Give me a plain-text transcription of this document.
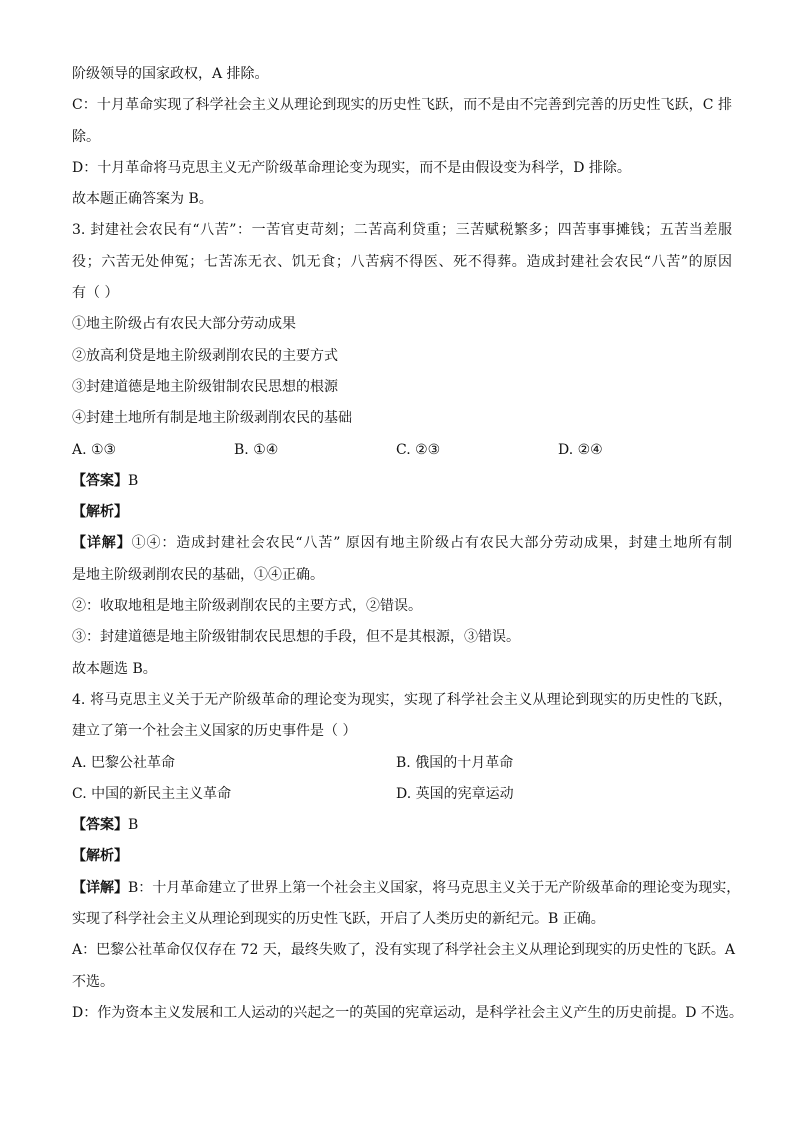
阶级领导的国家政权，A 排除。
C：十月革命实现了科学社会主义从理论到现实的历史性飞跃，而不是由不完善到完善的历史性飞跃，C 排
除。
D：十月革命将马克思主义无产阶级革命理论变为现实，而不是由假设变为科学，D 排除。
故本题正确答案为 B。
3. 封建社会农民有“八苦”：一苦官吏苛刻；二苦高利贷重；三苦赋税繁多；四苦事事摊钱；五苦当差服
役；六苦无处伸冤；七苦冻无衣、饥无食；八苦病不得医、死不得葬。造成封建社会农民“八苦”的原因
有（ ）
①地主阶级占有农民大部分劳动成果
②放高利贷是地主阶级剥削农民的主要方式
③封建道德是地主阶级钳制农民思想的根源
④封建土地所有制是地主阶级剥削农民的基础
A. ①③	B. ①④	C. ②③	D. ②④
【答案】B
【解析】
【详解】①④：造成封建社会农民“八苦” 原因有地主阶级占有农民大部分劳动成果，封建土地所有制
是地主阶级剥削农民的基础，①④正确。
②：收取地租是地主阶级剥削农民的主要方式，②错误。
③：封建道德是地主阶级钳制农民思想的手段，但不是其根源，③错误。
故本题选 B。
4. 将马克思主义关于无产阶级革命的理论变为现实，实现了科学社会主义从理论到现实的历史性的飞跃，
建立了第一个社会主义国家的历史事件是（ ）
A. 巴黎公社革命	B. 俄国的十月革命
C. 中国的新民主主义革命	D. 英国的宪章运动
【答案】B
【解析】
【详解】B：十月革命建立了世界上第一个社会主义国家，将马克思主义关于无产阶级革命的理论变为现实，
实现了科学社会主义从理论到现实的历史性飞跃，开启了人类历史的新纪元。B 正确。
A：巴黎公社革命仅仅存在 72 天，最终失败了，没有实现了科学社会主义从理论到现实的历史性的飞跃。A
不选。
D：作为资本主义发展和工人运动的兴起之一的英国的宪章运动，是科学社会主义产生的历史前提。D 不选。
